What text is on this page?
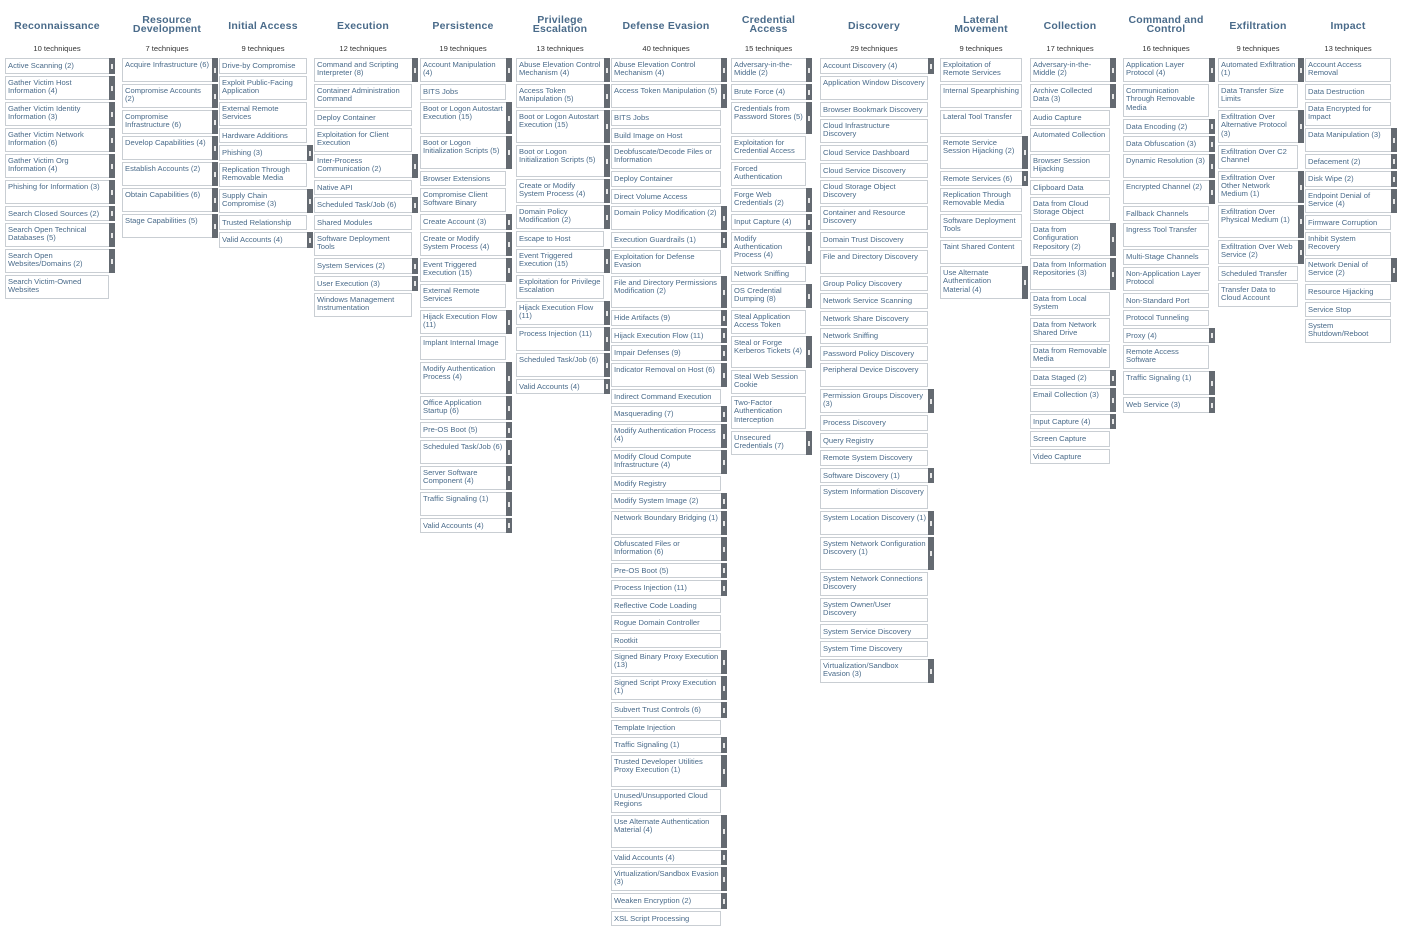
Reconnaissance
10 techniques
Active Scanning (2)
Gather Victim Host Information (4)
Gather Victim Identity Information (3)
Gather Victim Network Information (6)
Gather Victim Org Information (4)
Phishing for Information (3)
Search Closed Sources (2)
Search Open Technical Databases (5)
Search Open Websites/Domains (2)
Search Victim-Owned Websites
Resource Development
7 techniques
Acquire Infrastructure (6)
Compromise Accounts (2)
Compromise Infrastructure (6)
Develop Capabilities (4)
Establish Accounts (2)
Obtain Capabilities (6)
Stage Capabilities (5)
Initial Access
9 techniques
Drive-by Compromise
Exploit Public-Facing Application
External Remote Services
Hardware Additions
Phishing (3)
Replication Through Removable Media
Supply Chain Compromise (3)
Trusted Relationship
Valid Accounts (4)
Execution
12 techniques
Command and Scripting Interpreter (8)
Container Administration Command
Deploy Container
Exploitation for Client Execution
Inter-Process Communication (2)
Native API
Scheduled Task/Job (6)
Shared Modules
Software Deployment Tools
System Services (2)
User Execution (3)
Windows Management Instrumentation
Persistence
19 techniques
Account Manipulation (4)
BITS Jobs
Boot or Logon Autostart Execution (15)
Boot or Logon Initialization Scripts (5)
Browser Extensions
Compromise Client Software Binary
Create Account (3)
Create or Modify System Process (4)
Event Triggered Execution (15)
External Remote Services
Hijack Execution Flow (11)
Implant Internal Image
Modify Authentication Process (4)
Office Application Startup (6)
Pre-OS Boot (5)
Scheduled Task/Job (6)
Server Software Component (4)
Traffic Signaling (1)
Valid Accounts (4)
Privilege Escalation
13 techniques
Abuse Elevation Control Mechanism (4)
Access Token Manipulation (5)
Boot or Logon Autostart Execution (15)
Boot or Logon Initialization Scripts (5)
Create or Modify System Process (4)
Domain Policy Modification (2)
Escape to Host
Event Triggered Execution (15)
Exploitation for Privilege Escalation
Hijack Execution Flow (11)
Process Injection (11)
Scheduled Task/Job (6)
Valid Accounts (4)
Defense Evasion
40 techniques
Abuse Elevation Control Mechanism (4)
Access Token Manipulation (5)
BITS Jobs
Build Image on Host
Deobfuscate/Decode Files or Information
Deploy Container
Direct Volume Access
Domain Policy Modification (2)
Execution Guardrails (1)
Exploitation for Defense Evasion
File and Directory Permissions Modification (2)
Hide Artifacts (9)
Hijack Execution Flow (11)
Impair Defenses (9)
Indicator Removal on Host (6)
Indirect Command Execution
Masquerading (7)
Modify Authentication Process (4)
Modify Cloud Compute Infrastructure (4)
Modify Registry
Modify System Image (2)
Network Boundary Bridging (1)
Obfuscated Files or Information (6)
Pre-OS Boot (5)
Process Injection (11)
Reflective Code Loading
Rogue Domain Controller
Rootkit
Signed Binary Proxy Execution (13)
Signed Script Proxy Execution (1)
Subvert Trust Controls (6)
Template Injection
Traffic Signaling (1)
Trusted Developer Utilities Proxy Execution (1)
Unused/Unsupported Cloud Regions
Use Alternate Authentication Material (4)
Valid Accounts (4)
Virtualization/Sandbox Evasion (3)
Weaken Encryption (2)
XSL Script Processing
Credential Access
15 techniques
Adversary-in-the-Middle (2)
Brute Force (4)
Credentials from Password Stores (5)
Exploitation for Credential Access
Forced Authentication
Forge Web Credentials (2)
Input Capture (4)
Modify Authentication Process (4)
Network Sniffing
OS Credential Dumping (8)
Steal Application Access Token
Steal or Forge Kerberos Tickets (4)
Steal Web Session Cookie
Two-Factor Authentication Interception
Unsecured Credentials (7)
Discovery
29 techniques
Account Discovery (4)
Application Window Discovery
Browser Bookmark Discovery
Cloud Infrastructure Discovery
Cloud Service Dashboard
Cloud Service Discovery
Cloud Storage Object Discovery
Container and Resource Discovery
Domain Trust Discovery
File and Directory Discovery
Group Policy Discovery
Network Service Scanning
Network Share Discovery
Network Sniffing
Password Policy Discovery
Peripheral Device Discovery
Permission Groups Discovery (3)
Process Discovery
Query Registry
Remote System Discovery
Software Discovery (1)
System Information Discovery
System Location Discovery (1)
System Network Configuration Discovery (1)
System Network Connections Discovery
System Owner/User Discovery
System Service Discovery
System Time Discovery
Virtualization/Sandbox Evasion (3)
Lateral Movement
9 techniques
Exploitation of Remote Services
Internal Spearphishing
Lateral Tool Transfer
Remote Service Session Hijacking (2)
Remote Services (6)
Replication Through Removable Media
Software Deployment Tools
Taint Shared Content
Use Alternate Authentication Material (4)
Collection
17 techniques
Adversary-in-the-Middle (2)
Archive Collected Data (3)
Audio Capture
Automated Collection
Browser Session Hijacking
Clipboard Data
Data from Cloud Storage Object
Data from Configuration Repository (2)
Data from Information Repositories (3)
Data from Local System
Data from Network Shared Drive
Data from Removable Media
Data Staged (2)
Email Collection (3)
Input Capture (4)
Screen Capture
Video Capture
Command and Control
16 techniques
Application Layer Protocol (4)
Communication Through Removable Media
Data Encoding (2)
Data Obfuscation (3)
Dynamic Resolution (3)
Encrypted Channel (2)
Fallback Channels
Ingress Tool Transfer
Multi-Stage Channels
Non-Application Layer Protocol
Non-Standard Port
Protocol Tunneling
Proxy (4)
Remote Access Software
Traffic Signaling (1)
Web Service (3)
Exfiltration
9 techniques
Automated Exfiltration (1)
Data Transfer Size Limits
Exfiltration Over Alternative Protocol (3)
Exfiltration Over C2 Channel
Exfiltration Over Other Network Medium (1)
Exfiltration Over Physical Medium (1)
Exfiltration Over Web Service (2)
Scheduled Transfer
Transfer Data to Cloud Account
Impact
13 techniques
Account Access Removal
Data Destruction
Data Encrypted for Impact
Data Manipulation (3)
Defacement (2)
Disk Wipe (2)
Endpoint Denial of Service (4)
Firmware Corruption
Inhibit System Recovery
Network Denial of Service (2)
Resource Hijacking
Service Stop
System Shutdown/Reboot
